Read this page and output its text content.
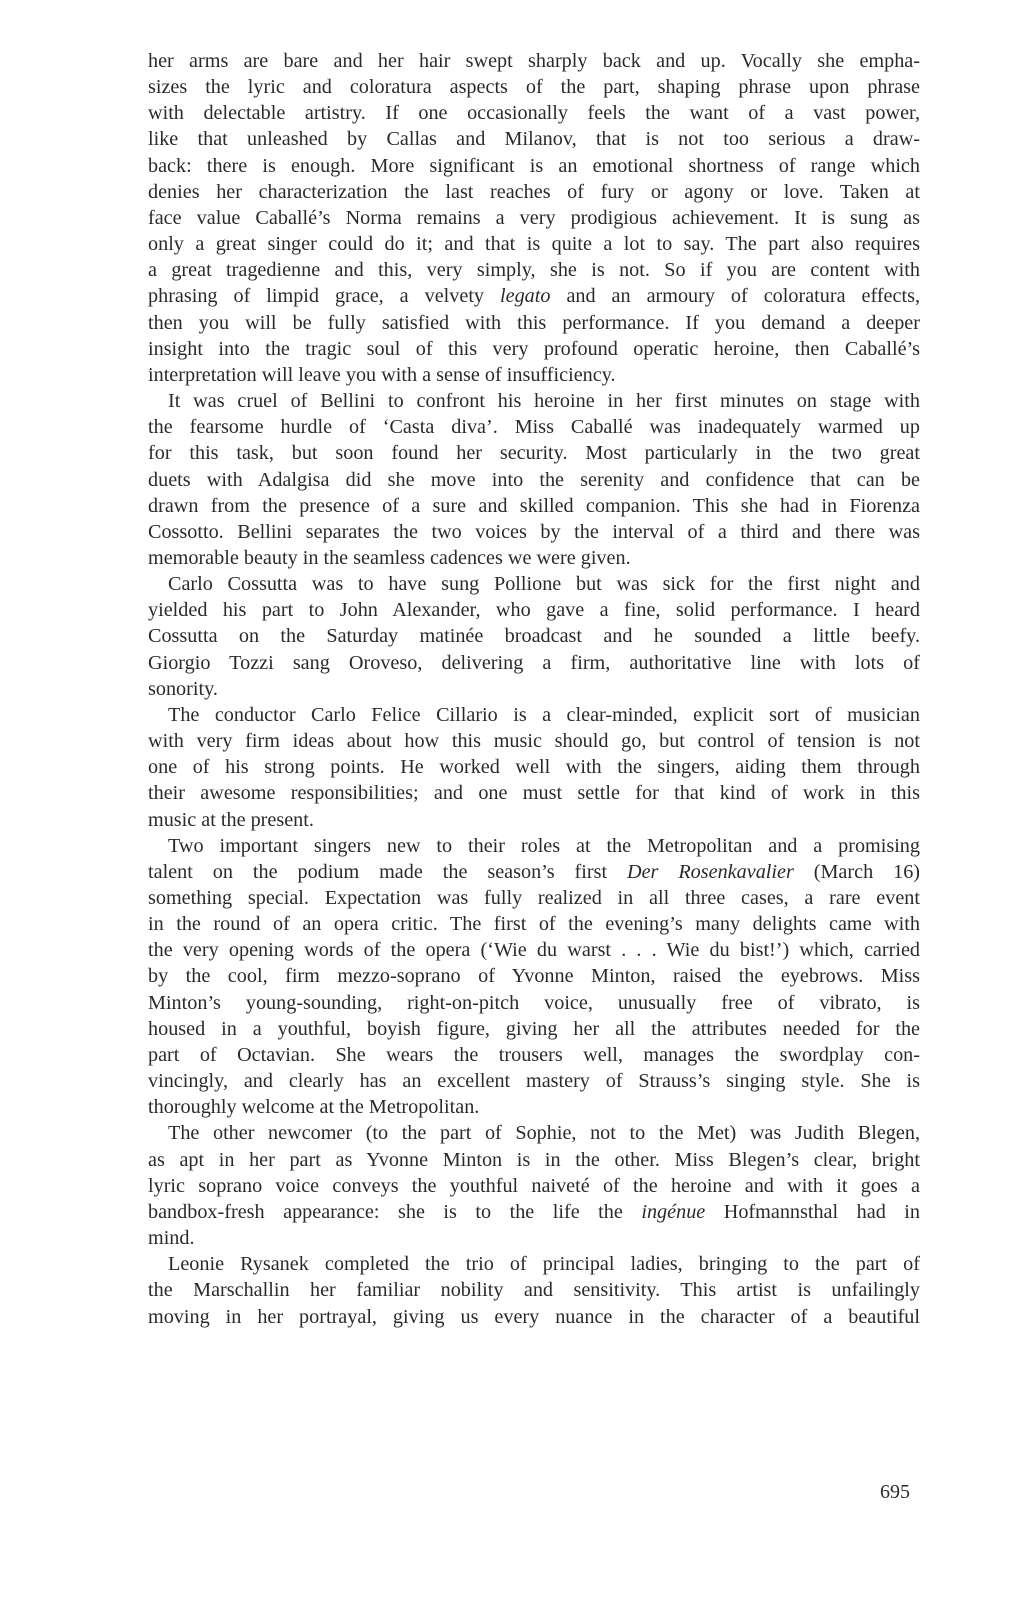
her arms are bare and her hair swept sharply back and up. Vocally she empha-
sizes the lyric and coloratura aspects of the part, shaping phrase upon phrase
with delectable artistry. If one occasionally feels the want of a vast power,
like that unleashed by Callas and Milanov, that is not too serious a draw-
back: there is enough. More significant is an emotional shortness of range which
denies her characterization the last reaches of fury or agony or love. Taken at
face value Caballé’s Norma remains a very prodigious achievement. It is sung as
only a great singer could do it; and that is quite a lot to say. The part also requires
a great tragedienne and this, very simply, she is not. So if you are content with
phrasing of limpid grace, a velvety legato and an armoury of coloratura effects,
then you will be fully satisfied with this performance. If you demand a deeper
insight into the tragic soul of this very profound operatic heroine, then Caballé’s
interpretation will leave you with a sense of insufficiency.

It was cruel of Bellini to confront his heroine in her first minutes on stage with
the fearsome hurdle of ‘Casta diva’. Miss Caballé was inadequately warmed up
for this task, but soon found her security. Most particularly in the two great
duets with Adalgisa did she move into the serenity and confidence that can be
drawn from the presence of a sure and skilled companion. This she had in Fiorenza
Cossotto. Bellini separates the two voices by the interval of a third and there was
memorable beauty in the seamless cadences we were given.

Carlo Cossutta was to have sung Pollione but was sick for the first night and
yielded his part to John Alexander, who gave a fine, solid performance. I heard
Cossutta on the Saturday matinée broadcast and he sounded a little beefy.
Giorgio Tozzi sang Oroveso, delivering a firm, authoritative line with lots of
sonority.

The conductor Carlo Felice Cillario is a clear-minded, explicit sort of musician
with very firm ideas about how this music should go, but control of tension is not
one of his strong points. He worked well with the singers, aiding them through
their awesome responsibilities; and one must settle for that kind of work in this
music at the present.

Two important singers new to their roles at the Metropolitan and a promising
talent on the podium made the season’s first Der Rosenkavalier (March 16)
something special. Expectation was fully realized in all three cases, a rare event
in the round of an opera critic. The first of the evening’s many delights came with
the very opening words of the opera (‘Wie du warst . . . Wie du bist!’) which, carried
by the cool, firm mezzo-soprano of Yvonne Minton, raised the eyebrows. Miss
Minton’s young-sounding, right-on-pitch voice, unusually free of vibrato, is
housed in a youthful, boyish figure, giving her all the attributes needed for the
part of Octavian. She wears the trousers well, manages the swordplay con-
vincingly, and clearly has an excellent mastery of Strauss’s singing style. She is
thoroughly welcome at the Metropolitan.

The other newcomer (to the part of Sophie, not to the Met) was Judith Blegen,
as apt in her part as Yvonne Minton is in the other. Miss Blegen’s clear, bright
lyric soprano voice conveys the youthful naiveté of the heroine and with it goes a
bandbox-fresh appearance: she is to the life the ingénue Hofmannsthal had in
mind.

Leonie Rysanek completed the trio of principal ladies, bringing to the part of
the Marschallin her familiar nobility and sensitivity. This artist is unfailingly
moving in her portrayal, giving us every nuance in the character of a beautiful

695
